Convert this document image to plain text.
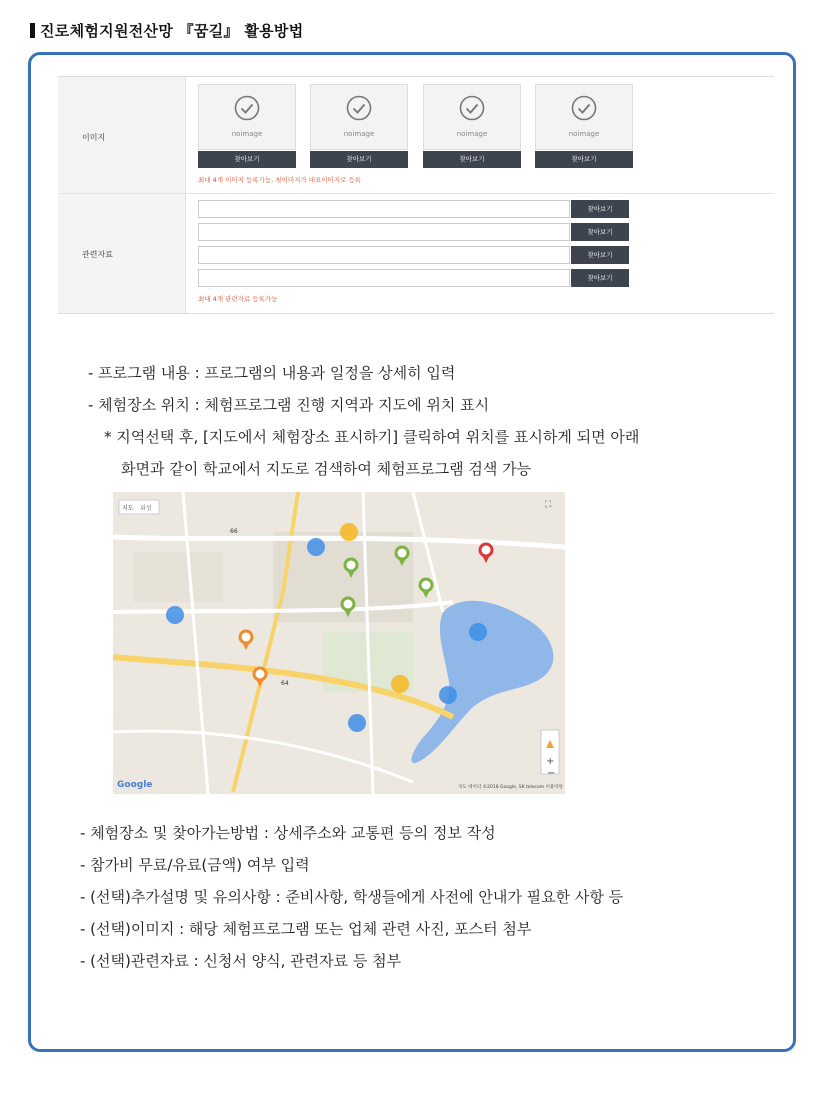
진로체험지원전산망 『꿈길』 활용방법
이미지	noimage	noimage	noimage	noimage
찾아보기	찾아보기	찾아보기	찾아보기
최대 4개 이미지 등록가능, 첫이미지가 대표이미지로 등록
관련자료
찾아보기
찾아보기
찾아보기
찾아보기
최대 4개 관련자료 등록가능
- 프로그램 내용 : 프로그램의 내용과 일정을 상세히 입력
- 체험장소 위치 : 체험프로그램 진행 지역과 지도에 위치 표시
* 지역선택 후, [지도에서 체험장소 표시하기] 클릭하여 위치를 표시하게 되면 아래
화면과 같이 학교에서 지도로 검색하여 체험프로그램 검색 가능
+
−
⛶
지도 위성
66
64
Google	지도 데이터 ©2018 Google, SK telecom 이용약관
- 체험장소 및 찾아가는방법 : 상세주소와 교통편 등의 정보 작성
- 참가비 무료/유료(금액) 여부 입력
- (선택)추가설명 및 유의사항 : 준비사항, 학생들에게 사전에 안내가 필요한 사항 등
- (선택)이미지 : 해당 체험프로그램 또는 업체 관련 사진, 포스터 첨부
- (선택)관련자료 : 신청서 양식, 관련자료 등 첨부
